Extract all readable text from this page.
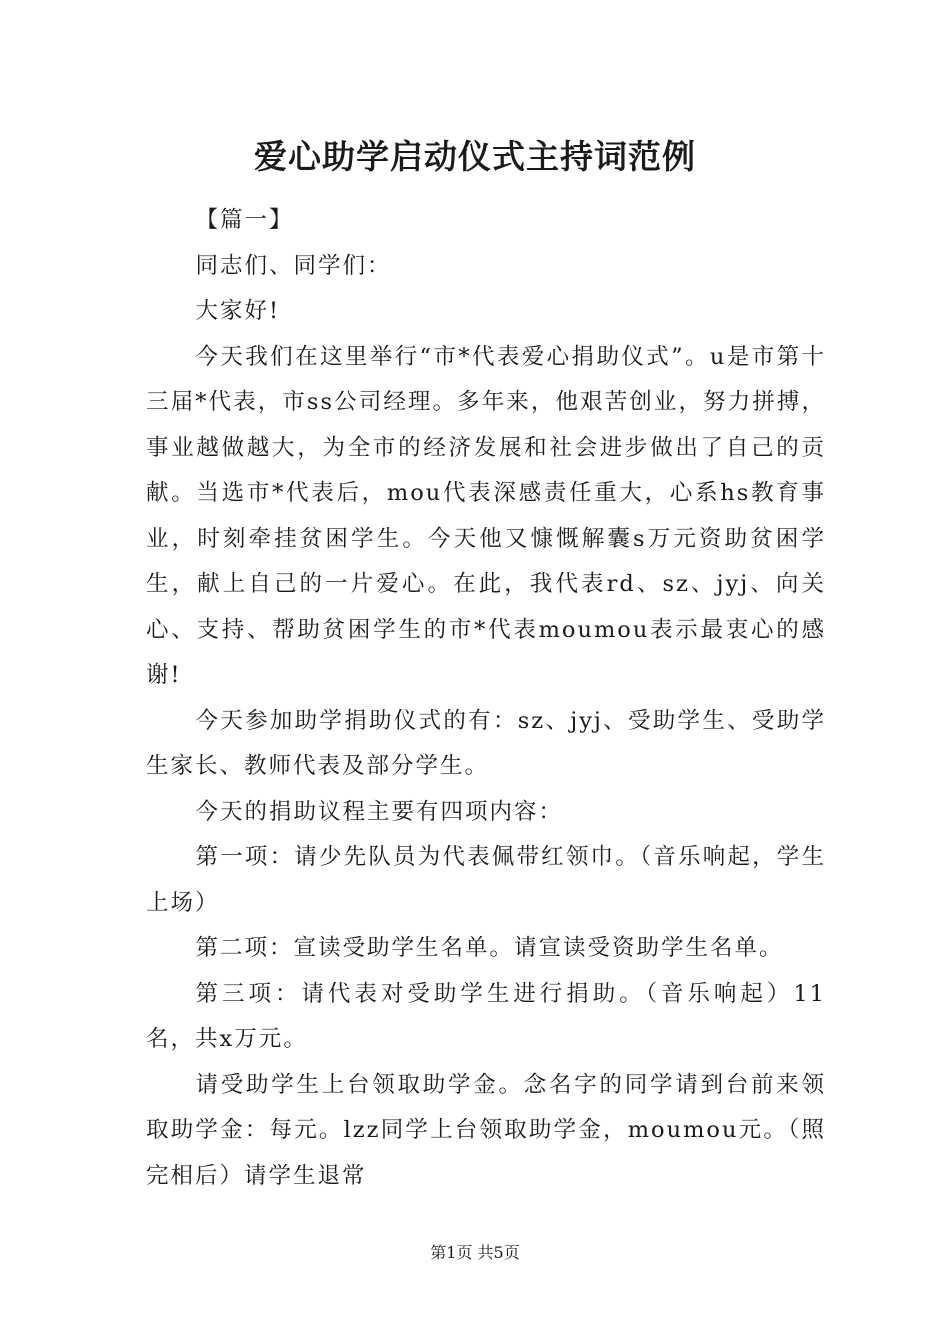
爱心助学启动仪式主持词范例

【篇一】

同志们、同学们：

大家好!

今天我们在这里举行“市*代表爱心捐助仪式”。u是市第十三届*代表，市ss公司经理。多年来，他艰苦创业，努力拼搏，事业越做越大，为全市的经济发展和社会进步做出了自己的贡献。当选市*代表后，mou代表深感责任重大，心系hs教育事业，时刻牵挂贫困学生。今天他又慷慨解囊s万元资助贫困学生，献上自己的一片爱心。在此，我代表rd、sz、jyj、向关心、支持、帮助贫困学生的市*代表moumou表示最衷心的感谢!

今天参加助学捐助仪式的有：sz、jyj、受助学生、受助学生家长、教师代表及部分学生。

今天的捐助议程主要有四项内容：

第一项：请少先队员为代表佩带红领巾。（音乐响起，学生上场）

第二项：宣读受助学生名单。请宣读受资助学生名单。

第三项：请代表对受助学生进行捐助。（音乐响起）11名，共x万元。

请受助学生上台领取助学金。念名字的同学请到台前来领取助学金：每元。lzz同学上台领取助学金，moumou元。（照完相后）请学生退常

第1页 共5页
